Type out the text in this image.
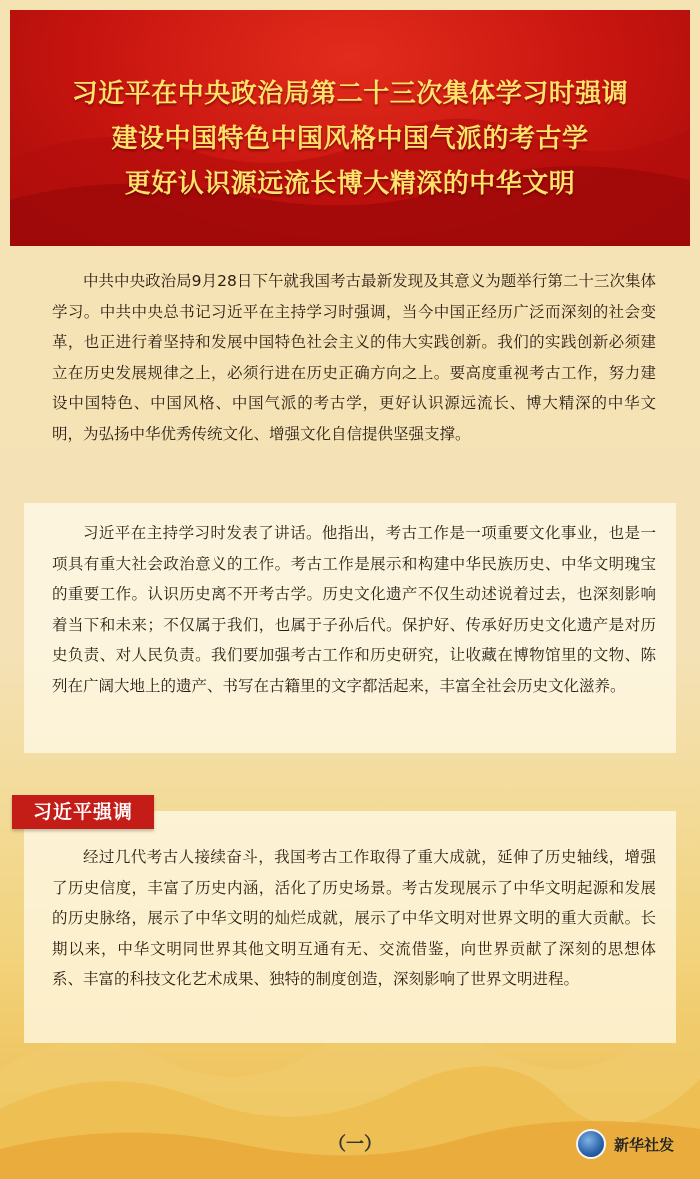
习近平在中央政治局第二十三次集体学习时强调
建设中国特色中国风格中国气派的考古学
更好认识源远流长博大精深的中华文明

中共中央政治局9月28日下午就我国考古最新发现及其意义为题举行第二十三次集体学习。中共中央总书记习近平在主持学习时强调，当今中国正经历广泛而深刻的社会变革，也正进行着坚持和发展中国特色社会主义的伟大实践创新。我们的实践创新必须建立在历史发展规律之上，必须行进在历史正确方向之上。要高度重视考古工作，努力建设中国特色、中国风格、中国气派的考古学，更好认识源远流长、博大精深的中华文明，为弘扬中华优秀传统文化、增强文化自信提供坚强支撑。

习近平在主持学习时发表了讲话。他指出，考古工作是一项重要文化事业，也是一项具有重大社会政治意义的工作。考古工作是展示和构建中华民族历史、中华文明瑰宝的重要工作。认识历史离不开考古学。历史文化遗产不仅生动述说着过去，也深刻影响着当下和未来；不仅属于我们，也属于子孙后代。保护好、传承好历史文化遗产是对历史负责、对人民负责。我们要加强考古工作和历史研究，让收藏在博物馆里的文物、陈列在广阔大地上的遗产、书写在古籍里的文字都活起来，丰富全社会历史文化滋养。

习近平强调

经过几代考古人接续奋斗，我国考古工作取得了重大成就，延伸了历史轴线，增强了历史信度，丰富了历史内涵，活化了历史场景。考古发现展示了中华文明起源和发展的历史脉络，展示了中华文明的灿烂成就，展示了中华文明对世界文明的重大贡献。长期以来，中华文明同世界其他文明互通有无、交流借鉴，向世界贡献了深刻的思想体系、丰富的科技文化艺术成果、独特的制度创造，深刻影响了世界文明进程。

（一）	新华社发
